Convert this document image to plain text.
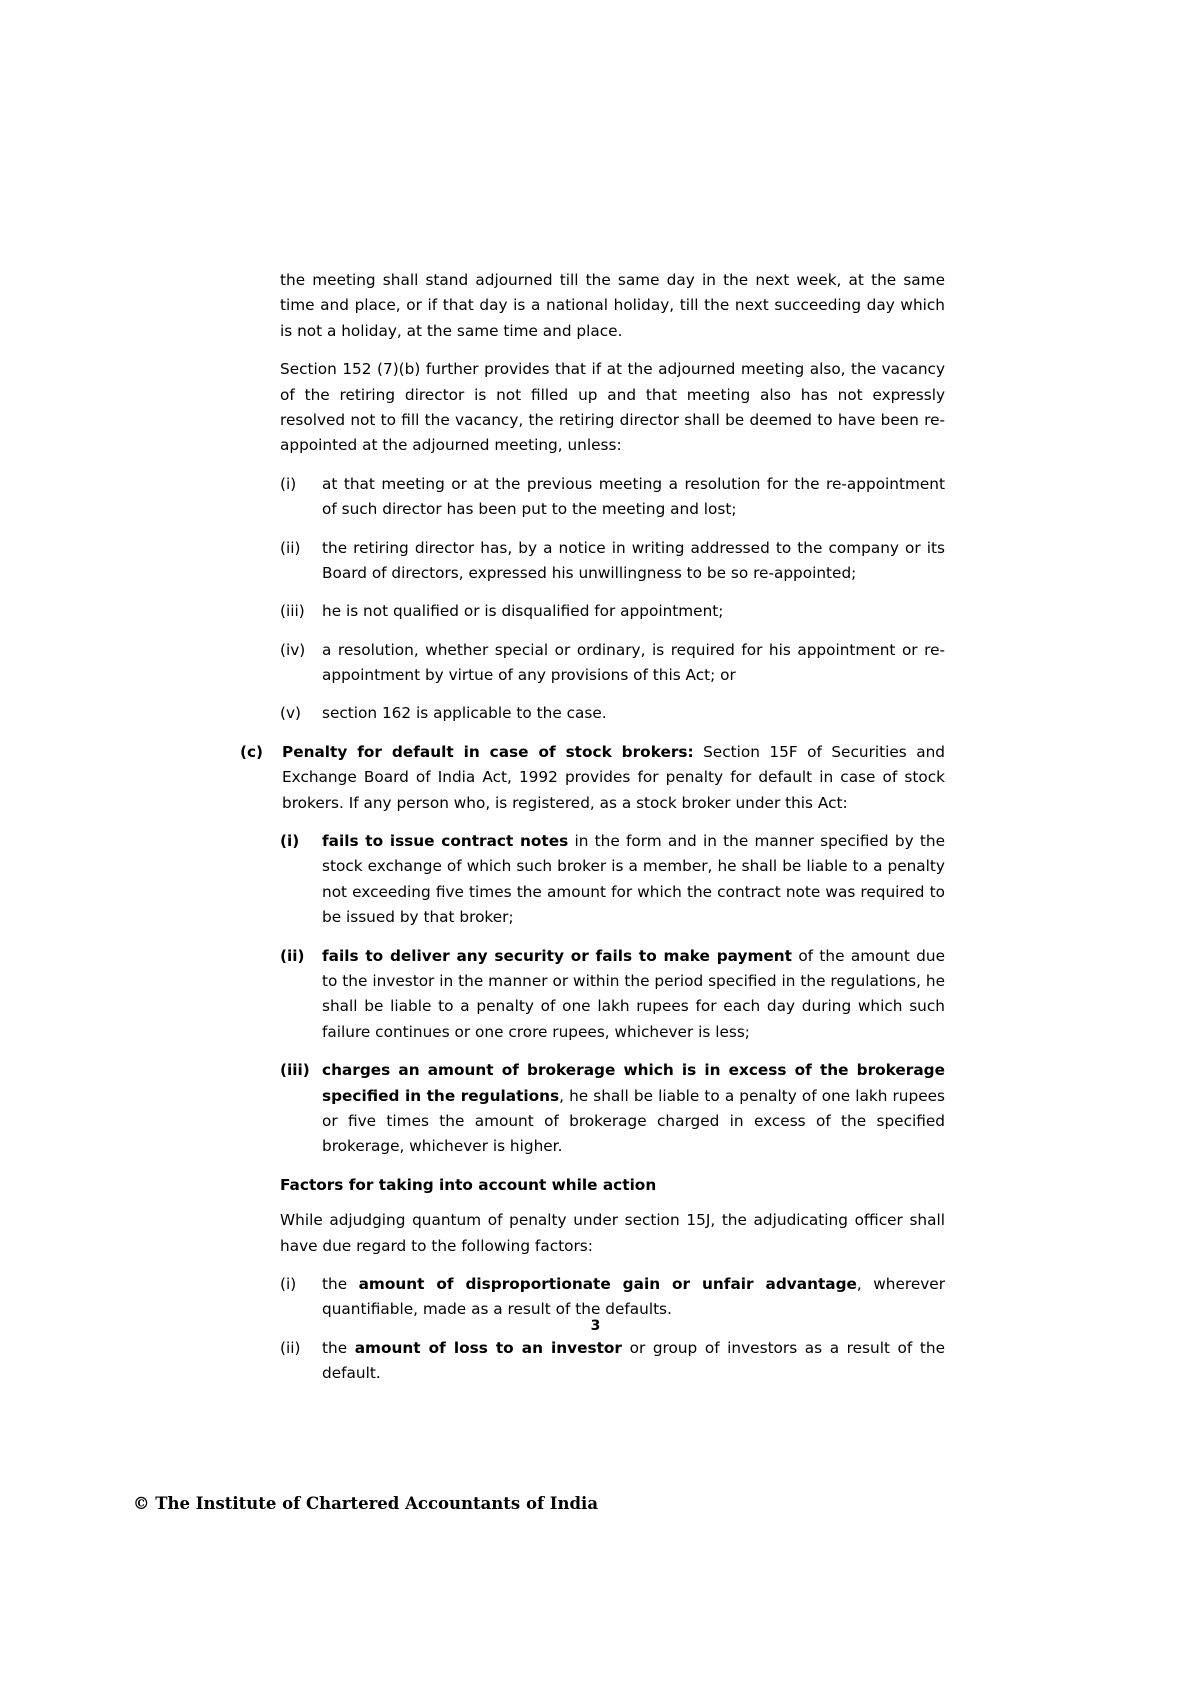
the meeting shall stand adjourned till the same day in the next week, at the same time and place, or if that day is a national holiday, till the next succeeding day which is not a holiday, at the same time and place.

Section 152 (7)(b) further provides that if at the adjourned meeting also, the vacancy of the retiring director is not filled up and that meeting also has not expressly resolved not to fill the vacancy, the retiring director shall be deemed to have been re-appointed at the adjourned meeting, unless:

(i)	at that meeting or at the previous meeting a resolution for the re-appointment of such director has been put to the meeting and lost;
(ii)	the retiring director has, by a notice in writing addressed to the company or its Board of directors, expressed his unwillingness to be so re-appointed;
(iii)	he is not qualified or is disqualified for appointment;
(iv)	a resolution, whether special or ordinary, is required for his appointment or re-appointment by virtue of any provisions of this Act; or
(v)	section 162 is applicable to the case.
(c)	Penalty for default in case of stock brokers: Section 15F of Securities and Exchange Board of India Act, 1992 provides for penalty for default in case of stock brokers. If any person who, is registered, as a stock broker under this Act:
(i)	fails to issue contract notes in the form and in the manner specified by the stock exchange of which such broker is a member, he shall be liable to a penalty not exceeding five times the amount for which the contract note was required to be issued by that broker;
(ii)	fails to deliver any security or fails to make payment of the amount due to the investor in the manner or within the period specified in the regulations, he shall be liable to a penalty of one lakh rupees for each day during which such failure continues or one crore rupees, whichever is less;
(iii) charges an amount of brokerage which is in excess of the brokerage specified in the regulations, he shall be liable to a penalty of one lakh rupees or five times the amount of brokerage charged in excess of the specified brokerage, whichever is higher.
Factors for taking into account while action

While adjudging quantum of penalty under section 15J, the adjudicating officer shall have due regard to the following factors:

(i)	the amount of disproportionate gain or unfair advantage, wherever quantifiable, made as a result of the defaults.
(ii)	the amount of loss to an investor or group of investors as a result of the default.
3
© The Institute of Chartered Accountants of India
